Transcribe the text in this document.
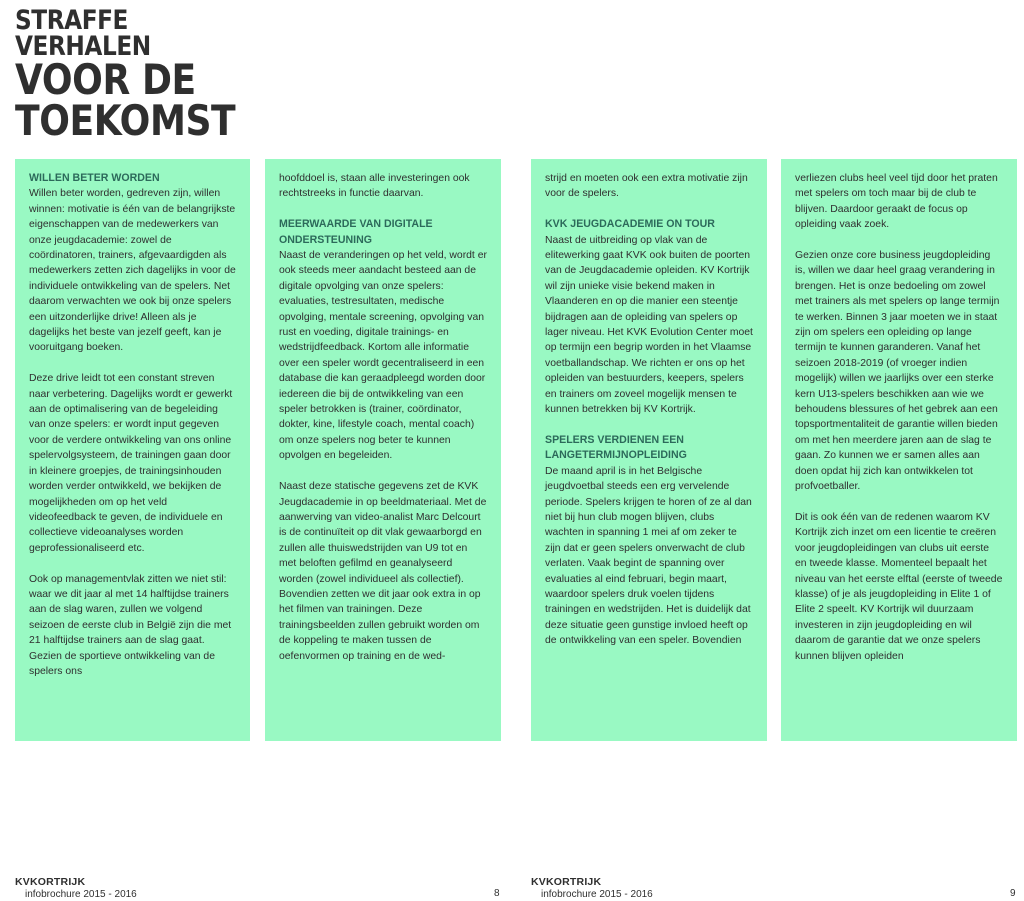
STRAFFE
VERHALEN
VOOR DE
TOEKOMST
WILLEN BETER WORDEN

Willen beter worden, gedreven zijn, willen winnen: motivatie is één van de belangrijkste eigenschappen van de medewerkers van onze jeugdacademie: zowel de coördinatoren, trainers, afgevaardigden als medewerkers zetten zich dagelijks in voor de individuele ontwikkeling van de spelers. Net daarom verwachten we ook bij onze spelers een uitzonderlijke drive! Alleen als je dagelijks het beste van jezelf geeft, kan je vooruitgang boeken.

Deze drive leidt tot een constant streven naar verbetering. Dagelijks wordt er gewerkt aan de optimalisering van de begeleiding van onze spelers: er wordt input gegeven voor de verdere ontwikkeling van ons online spelervolgsysteem, de trainingen gaan door in kleinere groepjes, de trainingsinhouden worden verder ontwikkeld, we bekijken de mogelijkheden om op het veld videofeedback te geven, de individuele en collectieve videoanalyses worden geprofessionaliseerd etc.

Ook op managementvlak zitten we niet stil: waar we dit jaar al met 14 halftijdse trainers aan de slag waren, zullen we volgend seizoen de eerste club in België zijn die met 21 halftijdse trainers aan de slag gaat. Gezien de sportieve ontwikkeling van de spelers ons

hoofddoel is, staan alle investeringen ook rechtstreeks in functie daarvan.

MEERWAARDE VAN DIGITALE ONDERSTEUNING

Naast de veranderingen op het veld, wordt er ook steeds meer aandacht besteed aan de digitale opvolging van onze spelers: evaluaties, testresultaten, medische opvolging, mentale screening, opvolging van rust en voeding, digitale trainings- en wedstrijdfeedback. Kortom alle informatie over een speler wordt gecentraliseerd in een database die kan geraadpleegd worden door iedereen die bij de ontwikkeling van een speler betrokken is (trainer, coördinator, dokter, kine, lifestyle coach, mental coach) om onze spelers nog beter te kunnen opvolgen en begeleiden.

Naast deze statische gegevens zet de KVK Jeugdacademie in op beeldmateriaal. Met de aanwerving van video-analist Marc Delcourt is de continuïteit op dit vlak gewaarborgd en zullen alle thuiswedstrijden van U9 tot en met beloften gefilmd en geanalyseerd worden (zowel individueel als collectief). Bovendien zetten we dit jaar ook extra in op het filmen van trainingen. Deze trainingsbeelden zullen gebruikt worden om de koppeling te maken tussen de oefenvormen op training en de wed-

strijd en moeten ook een extra motivatie zijn voor de spelers.

KVK JEUGDACADEMIE ON TOUR

Naast de uitbreiding op vlak van de elitewerking gaat KVK ook buiten de poorten van de Jeugdacademie opleiden. KV Kortrijk wil zijn unieke visie bekend maken in Vlaanderen en op die manier een steentje bijdragen aan de opleiding van spelers op lager niveau. Het KVK Evolution Center moet op termijn een begrip worden in het Vlaamse voetballandschap. We richten er ons op het opleiden van bestuurders, keepers, spelers en trainers om zoveel mogelijk mensen te kunnen betrekken bij KV Kortrijk.

SPELERS VERDIENEN EEN LANGETERMIJNOPLEIDING

De maand april is in het Belgische jeugdvoetbal steeds een erg vervelende periode. Spelers krijgen te horen of ze al dan niet bij hun club mogen blijven, clubs wachten in spanning 1 mei af om zeker te zijn dat er geen spelers onverwacht de club verlaten. Vaak begint de spanning over evaluaties al eind februari, begin maart, waardoor spelers druk voelen tijdens trainingen en wedstrijden. Het is duidelijk dat deze situatie geen gunstige invloed heeft op de ontwikkeling van een speler. Bovendien

verliezen clubs heel veel tijd door het praten met spelers om toch maar bij de club te blijven. Daardoor geraakt de focus op opleiding vaak zoek.

Gezien onze core business jeugdopleiding is, willen we daar heel graag verandering in brengen. Het is onze bedoeling om zowel met trainers als met spelers op lange termijn te werken. Binnen 3 jaar moeten we in staat zijn om spelers een opleiding op lange termijn te kunnen garanderen. Vanaf het seizoen 2018-2019 (of vroeger indien mogelijk) willen we jaarlijks over een sterke kern U13-spelers beschikken aan wie we behoudens blessures of het gebrek aan een topsportmentaliteit de garantie willen bieden om met hen meerdere jaren aan de slag te gaan. Zo kunnen we er samen alles aan doen opdat hij zich kan ontwikkelen tot profvoetballer.

Dit is ook één van de redenen waarom KV Kortrijk zich inzet om een licentie te creëren voor jeugdopleidingen van clubs uit eerste en tweede klasse. Momenteel bepaalt het niveau van het eerste elftal (eerste of tweede klasse) of je als jeugdopleiding in Elite 1 of Elite 2 speelt. KV Kortrijk wil duurzaam investeren in zijn jeugdopleiding en wil daarom de garantie dat we onze spelers kunnen blijven opleiden

KVKORTRIJK
infobrochure 2015 - 2016	8
KVKORTRIJK
infobrochure 2015 - 2016	9
